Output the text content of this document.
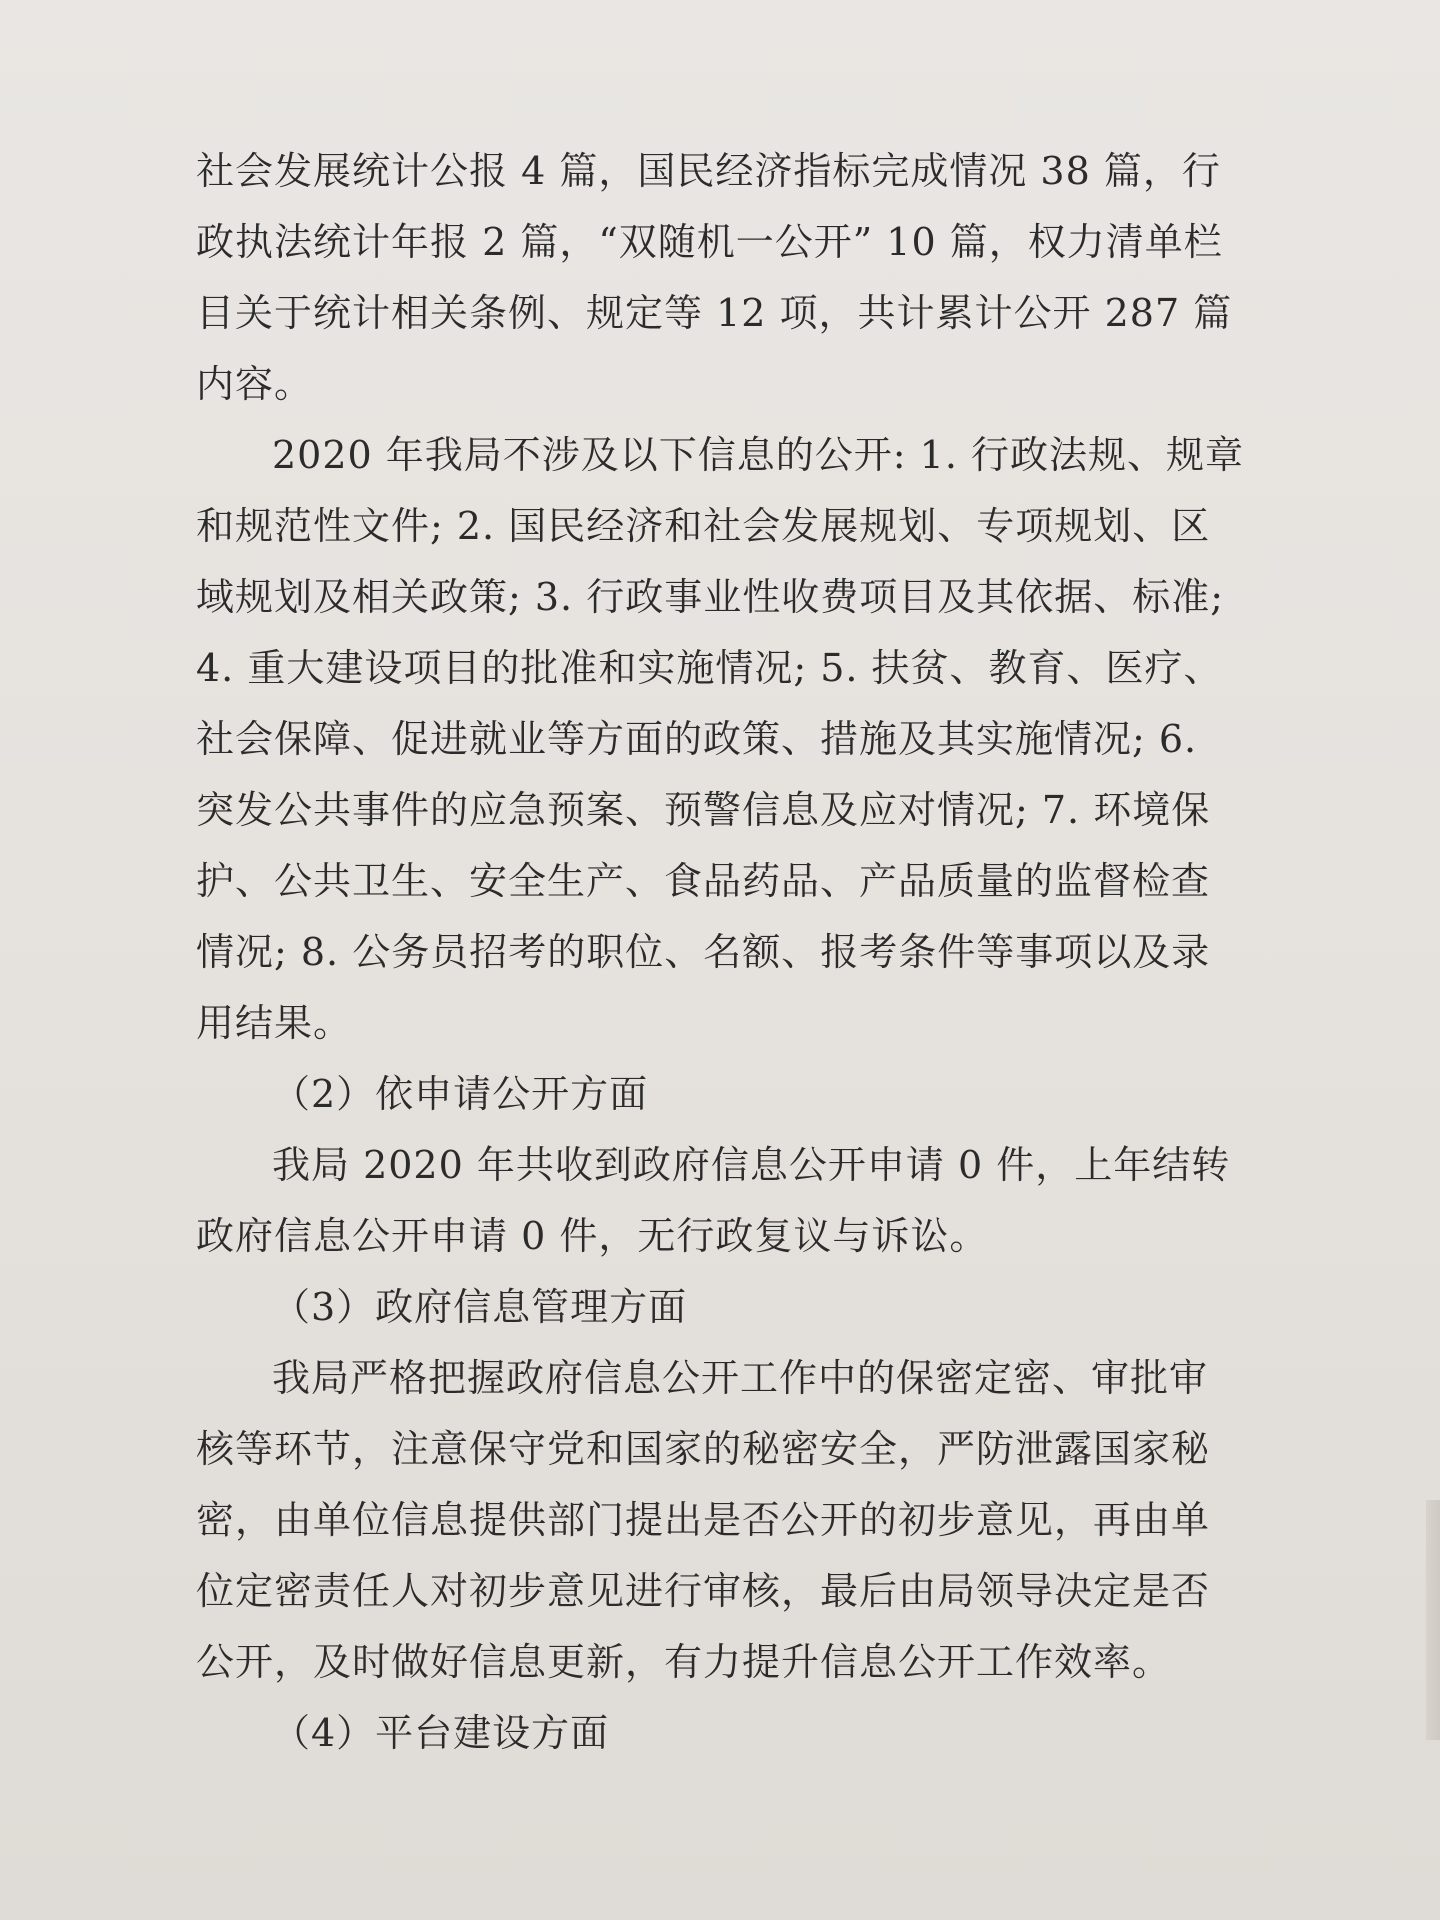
社会发展统计公报 4 篇，国民经济指标完成情况 38 篇，行
政执法统计年报 2 篇，“双随机一公开” 10 篇，权力清单栏
目关于统计相关条例、规定等 12 项，共计累计公开 287 篇
内容。
2020 年我局不涉及以下信息的公开: 1. 行政法规、规章
和规范性文件; 2. 国民经济和社会发展规划、专项规划、区
域规划及相关政策; 3. 行政事业性收费项目及其依据、标准;
4. 重大建设项目的批准和实施情况; 5. 扶贫、教育、医疗、
社会保障、促进就业等方面的政策、措施及其实施情况; 6.
突发公共事件的应急预案、预警信息及应对情况; 7. 环境保
护、公共卫生、安全生产、食品药品、产品质量的监督检查
情况; 8. 公务员招考的职位、名额、报考条件等事项以及录
用结果。
（2）依申请公开方面
我局 2020 年共收到政府信息公开申请 0 件，上年结转
政府信息公开申请 0 件，无行政复议与诉讼。
（3）政府信息管理方面
我局严格把握政府信息公开工作中的保密定密、审批审
核等环节，注意保守党和国家的秘密安全，严防泄露国家秘
密，由单位信息提供部门提出是否公开的初步意见，再由单
位定密责任人对初步意见进行审核，最后由局领导决定是否
公开，及时做好信息更新，有力提升信息公开工作效率。
（4）平台建设方面
